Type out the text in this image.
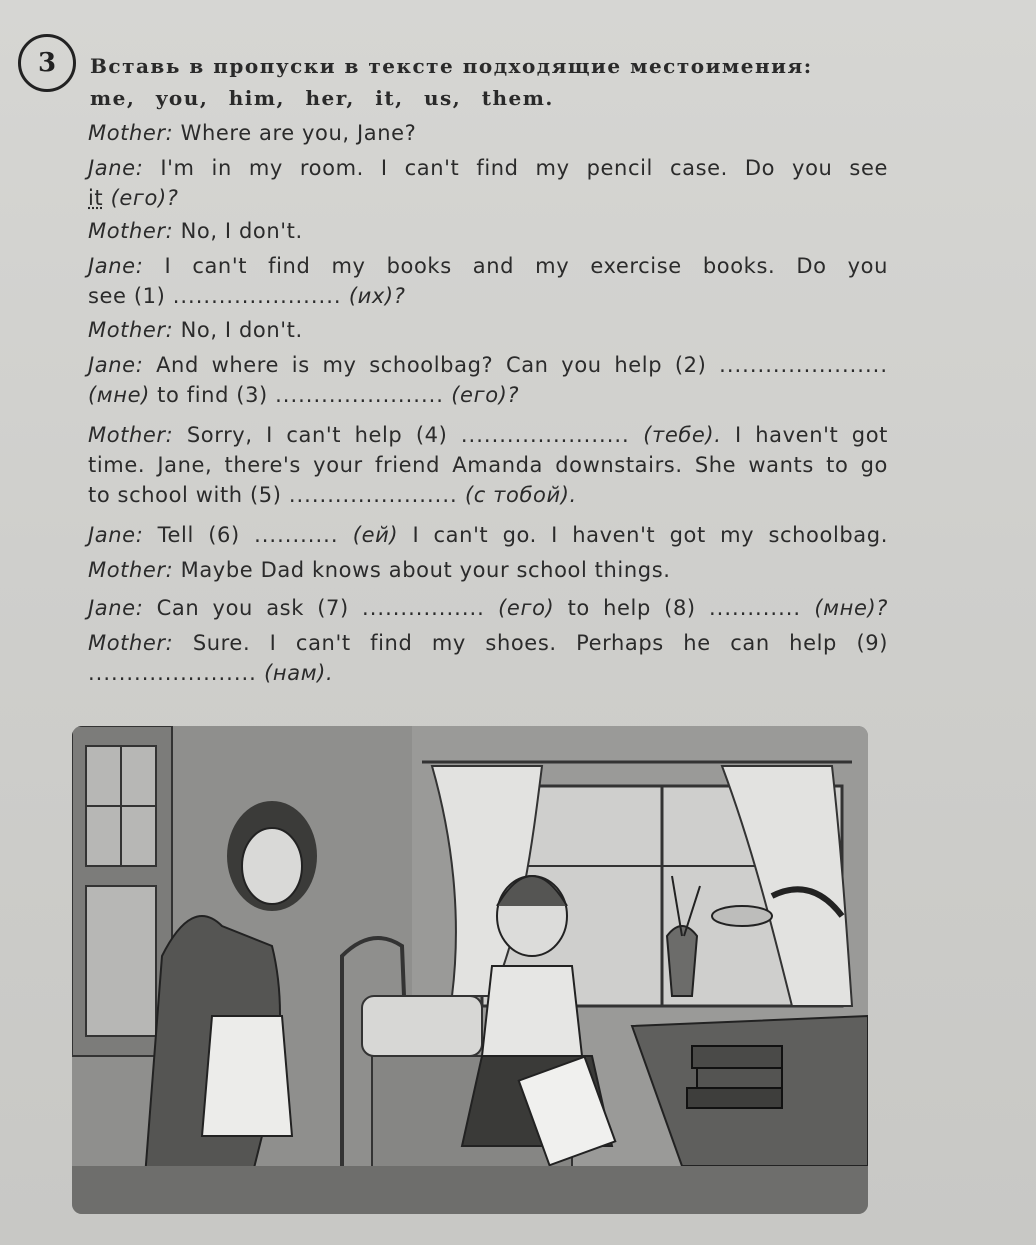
3 Вставь в пропуски в тексте подходящие местоимения:
me, you, him, her, it, us, them.
Mother: Where are you, Jane?
Jane: I'm in my room. I can't find my pencil case. Do you see
it (его)?
Mother: No, I don't.
Jane: I can't find my books and my exercise books. Do you
see (1) ...................... (их)?
Mother: No, I don't.
Jane: And where is my schoolbag? Can you help (2) ......................
(мне) to find (3) ...................... (его)?
Mother: Sorry, I can't help (4) ...................... (тебе). I haven't got
time. Jane, there's your friend Amanda downstairs. She wants to go
to school with (5) ...................... (с тобой).
Jane: Tell (6) ........... (ей) I can't go. I haven't got my schoolbag.
Mother: Maybe Dad knows about your school things.
Jane: Can you ask (7) ................ (его) to help (8) ............ (мне)?
Mother: Sure. I can't find my shoes. Perhaps he can help (9)
...................... (нам).
